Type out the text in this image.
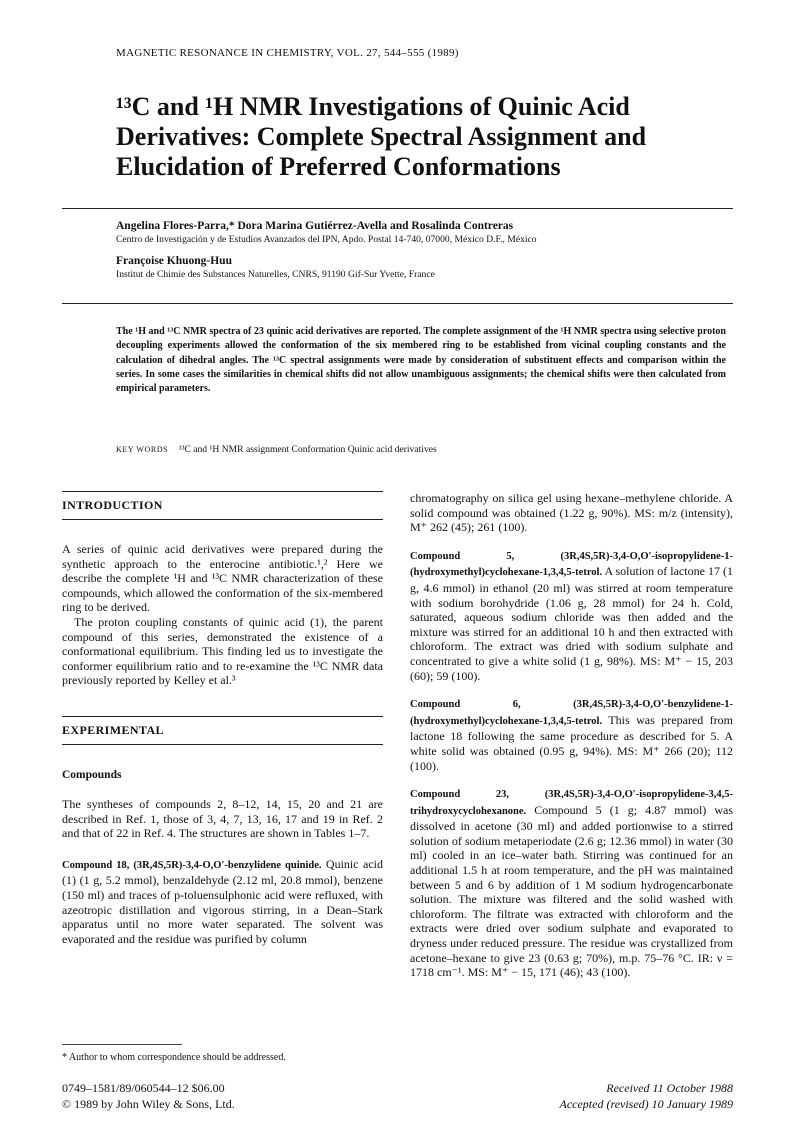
MAGNETIC RESONANCE IN CHEMISTRY, VOL. 27, 544–555 (1989)
¹³C and ¹H NMR Investigations of Quinic Acid
Derivatives: Complete Spectral Assignment and
Elucidation of Preferred Conformations
Angelina Flores-Parra,* Dora Marina Gutiérrez-Avella and Rosalinda Contreras
Centro de Investigación y de Estudios Avanzados del IPN, Apdo. Postal 14-740, 07000, México D.F., México
Françoise Khuong-Huu
Institut de Chimie des Substances Naturelles, CNRS, 91190 Gif-Sur Yvette, France
The ¹H and ¹³C NMR spectra of 23 quinic acid derivatives are reported. The complete assignment of the ¹H NMR spectra using selective proton decoupling experiments allowed the conformation of the six membered ring to be established from vicinal coupling constants and the calculation of dihedral angles. The ¹³C spectral assignments were made by consideration of substituent effects and comparison within the series. In some cases the similarities in chemical shifts did not allow unambiguous assignments; the chemical shifts were then calculated from empirical parameters.
KEY WORDS ¹³C and ¹H NMR assignment Conformation Quinic acid derivatives
INTRODUCTION

A series of quinic acid derivatives were prepared during the synthetic approach to the enterocine antibiotic.¹,² Here we describe the complete ¹H and ¹³C NMR characterization of these compounds, which allowed the conformation of the six-membered ring to be derived.

The proton coupling constants of quinic acid (1), the parent compound of this series, demonstrated the existence of a conformational equilibrium. This finding led us to investigate the conformer equilibrium ratio and to re-examine the ¹³C NMR data previously reported by Kelley et al.³

EXPERIMENTAL
Compounds

The syntheses of compounds 2, 8–12, 14, 15, 20 and 21 are described in Ref. 1, those of 3, 4, 7, 13, 16, 17 and 19 in Ref. 2 and that of 22 in Ref. 4. The structures are shown in Tables 1–7.

Compound 18, (3R,4S,5R)-3,4-O,O′-benzylidene quinide. Quinic acid (1) (1 g, 5.2 mmol), benzaldehyde (2.12 ml, 20.8 mmol), benzene (150 ml) and traces of p-toluensulphonic acid were refluxed, with azeotropic distillation and vigorous stirring, in a Dean–Stark apparatus until no more water separated. The solvent was evaporated and the residue was purified by column

chromatography on silica gel using hexane–methylene chloride. A solid compound was obtained (1.22 g, 90%). MS: m/z (intensity), M⁺ 262 (45); 261 (100).

Compound 5, (3R,4S,5R)-3,4-O,O′-isopropylidene-1-(hydroxymethyl)cyclohexane-1,3,4,5-tetrol. A solution of lactone 17 (1 g, 4.6 mmol) in ethanol (20 ml) was stirred at room temperature with sodium borohydride (1.06 g, 28 mmol) for 24 h. Cold, saturated, aqueous sodium chloride was then added and the mixture was stirred for an additional 10 h and then extracted with chloroform. The extract was dried with sodium sulphate and concentrated to give a white solid (1 g, 98%). MS: M⁺ − 15, 203 (60); 59 (100).

Compound 6, (3R,4S,5R)-3,4-O,O′-benzylidene-1-(hydroxymethyl)cyclohexane-1,3,4,5-tetrol. This was prepared from lactone 18 following the same procedure as described for 5. A white solid was obtained (0.95 g, 94%). MS: M⁺ 266 (20); 112 (100).

Compound 23, (3R,4S,5R)-3,4-O,O′-isopropylidene-3,4,5-trihydroxycyclohexanone. Compound 5 (1 g; 4.87 mmol) was dissolved in acetone (30 ml) and added portionwise to a stirred solution of sodium metaperiodate (2.6 g; 12.36 mmol) in water (30 ml) cooled in an ice–water bath. Stirring was continued for an additional 1.5 h at room temperature, and the pH was maintained between 5 and 6 by addition of 1 M sodium hydrogencarbonate solution. The mixture was filtered and the solid washed with chloroform. The filtrate was extracted with chloroform and the extracts were dried over sodium sulphate and evaporated to dryness under reduced pressure. The residue was crystallized from acetone–hexane to give 23 (0.63 g; 70%), m.p. 75–76 °C. IR: ν = 1718 cm⁻¹. MS: M⁺ − 15, 171 (46); 43 (100).

* Author to whom correspondence should be addressed.
0749–1581/89/060544–12 $06.00
© 1989 by John Wiley & Sons, Ltd.
Received 11 October 1988
Accepted (revised) 10 January 1989
